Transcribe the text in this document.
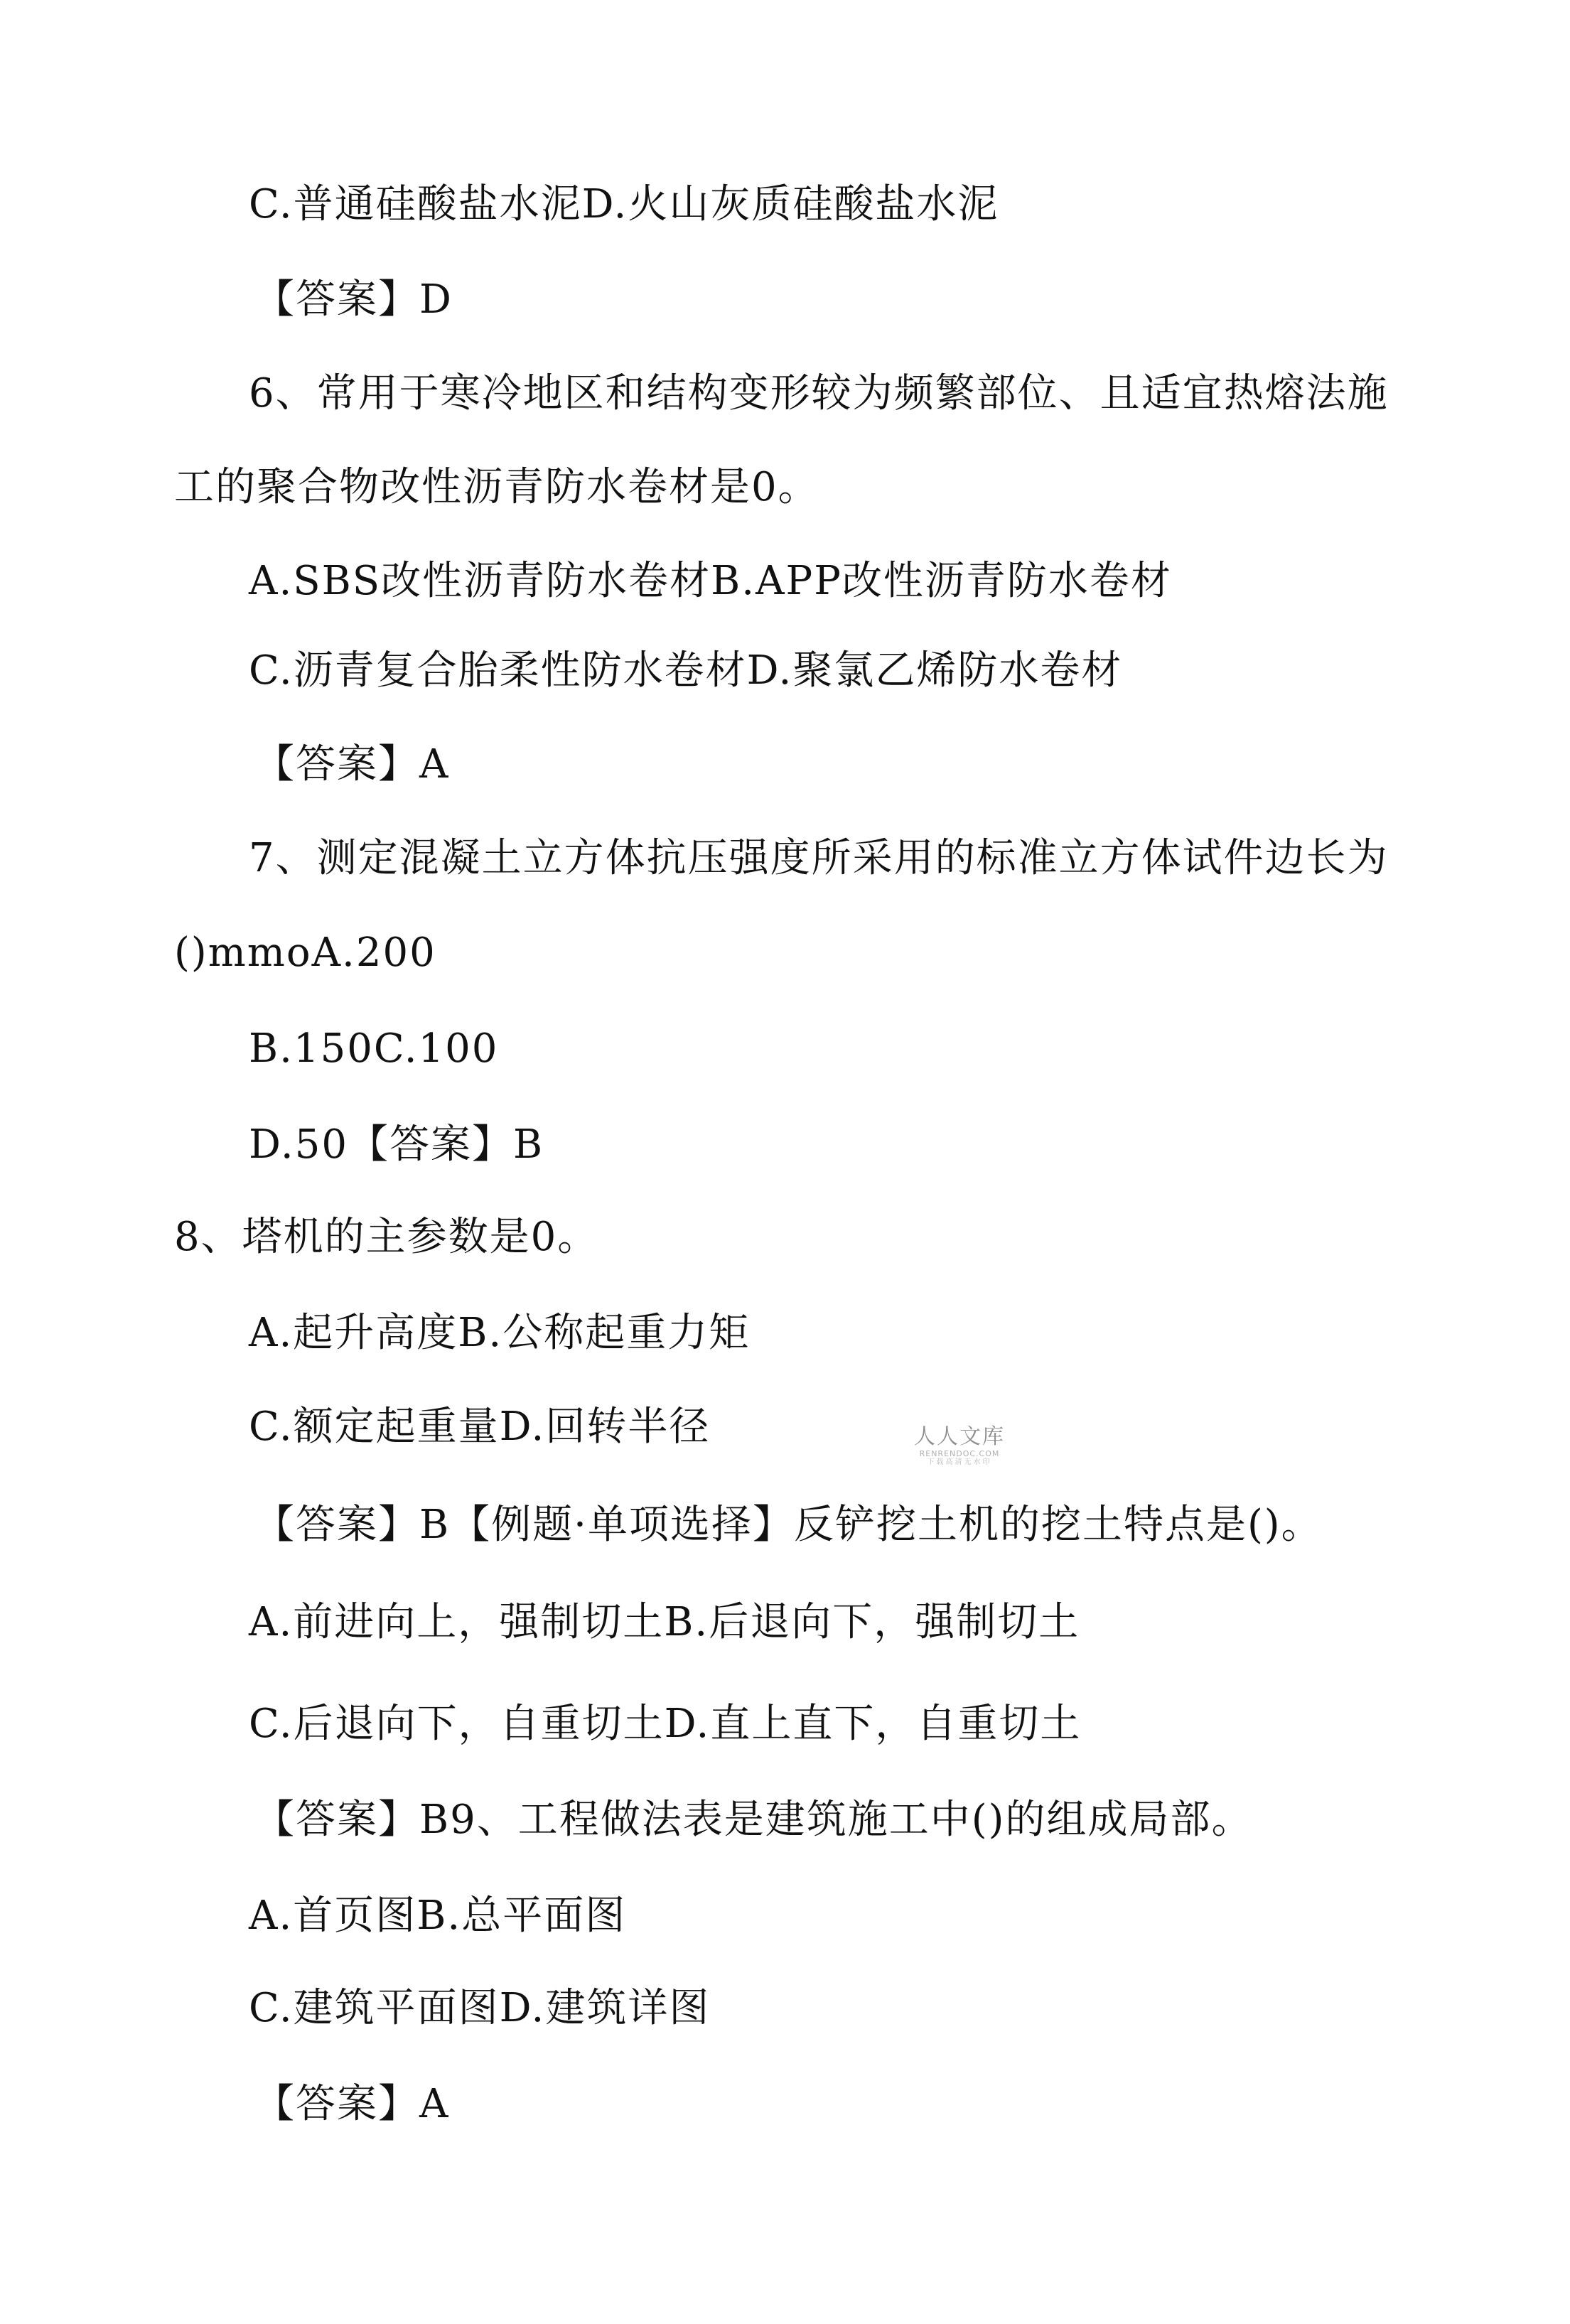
C.普通硅酸盐水泥D.火山灰质硅酸盐水泥
【答案】D
6、常用于寒冷地区和结构变形较为频繁部位、且适宜热熔法施
工的聚合物改性沥青防水卷材是0。
A.SBS改性沥青防水卷材B.APP改性沥青防水卷材
C.沥青复合胎柔性防水卷材D.聚氯乙烯防水卷材
【答案】A
7、测定混凝土立方体抗压强度所采用的标准立方体试件边长为
()mmoA.200
B.150C.100
D.50【答案】B
8、塔机的主参数是0。
A.起升高度B.公称起重力矩
C.额定起重量D.回转半径
【答案】B【例题·单项选择】反铲挖土机的挖土特点是()。
A.前进向上，强制切土B.后退向下，强制切土
C.后退向下，自重切土D.直上直下，自重切土
【答案】B9、工程做法表是建筑施工中()的组成局部。
A.首页图B.总平面图
C.建筑平面图D.建筑详图
【答案】A
人人文库
RENRENDOC.COM
下载高清无水印
